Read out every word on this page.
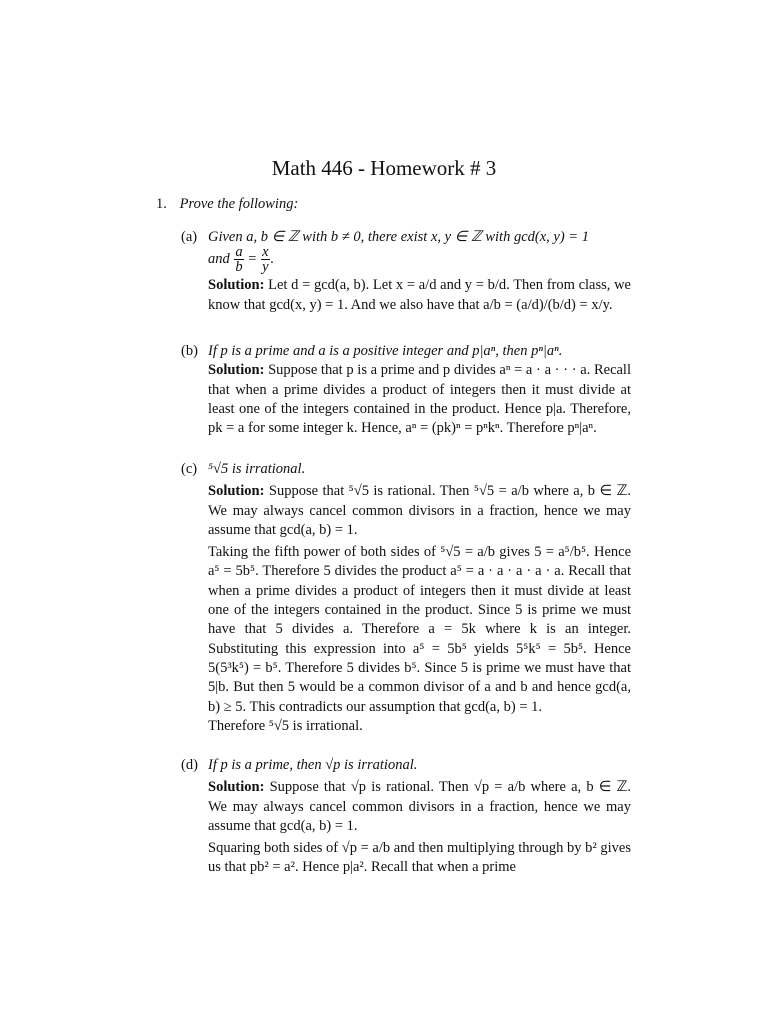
Math 446 - Homework # 3
1. Prove the following:
(a) Given a, b ∈ ℤ with b ≠ 0, there exist x, y ∈ ℤ with gcd(x, y) = 1

and $\frac{a}{b} = \frac{x}{y}$ .

Solution: Let d = gcd(a, b). Let x = a/d and y = b/d. Then from class, we know that gcd(x, y) = 1. And we also have that a/b = (a/d)/(b/d) = x/y.

(b) If p is a prime and a is a positive integer and p|aⁿ, then pⁿ|aⁿ.

Solution: Suppose that p is a prime and p divides aⁿ = a · a · · · a. Recall that when a prime divides a product of integers then it must divide at least one of the integers contained in the product. Hence p|a. Therefore, pk = a for some integer k. Hence, aⁿ = (pk)ⁿ = pⁿkⁿ. Therefore pⁿ|aⁿ.

(c) ⁵√5 is irrational.

Solution: Suppose that ⁵√5 is rational. Then ⁵√5 = a/b where a, b ∈ ℤ. We may always cancel common divisors in a fraction, hence we may assume that gcd(a, b) = 1.

Taking the fifth power of both sides of ⁵√5 = a/b gives 5 = a⁵/b⁵. Hence a⁵ = 5b⁵. Therefore 5 divides the product a⁵ = a · a · a · a · a. Recall that when a prime divides a product of integers then it must divide at least one of the integers contained in the product. Since 5 is prime we must have that 5 divides a. Therefore a = 5k where k is an integer. Substituting this expression into a⁵ = 5b⁵ yields 5⁵k⁵ = 5b⁵. Hence 5(5³k⁵) = b⁵. Therefore 5 divides b⁵. Since 5 is prime we must have that 5|b. But then 5 would be a common divisor of a and b and hence gcd(a, b) ≥ 5. This contradicts our assumption that gcd(a, b) = 1.

Therefore ⁵√5 is irrational.

(d) If p is a prime, then √p is irrational.

Solution: Suppose that √p is rational. Then √p = a/b where a, b ∈ ℤ. We may always cancel common divisors in a fraction, hence we may assume that gcd(a, b) = 1.

Squaring both sides of √p = a/b and then multiplying through by b² gives us that pb² = a². Hence p|a². Recall that when a prime
